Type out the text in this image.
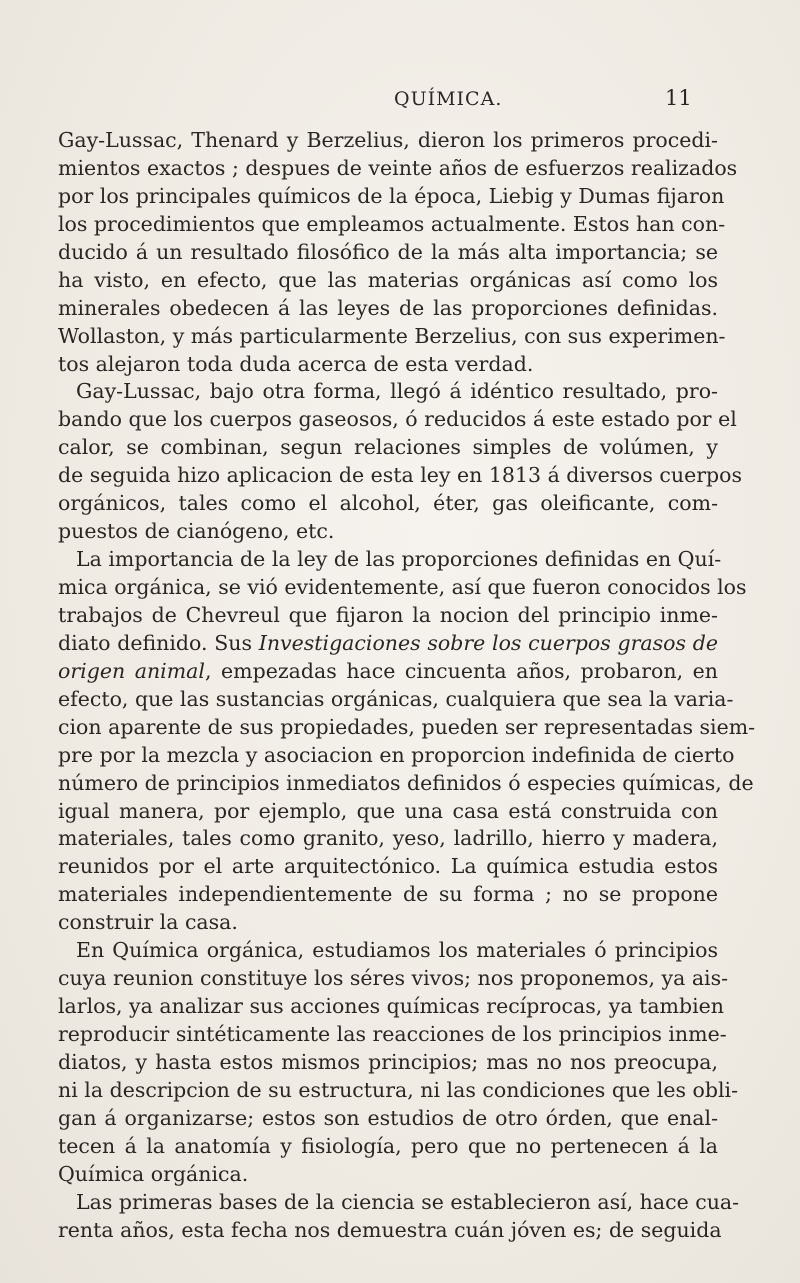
QUÍMICA.	11
Gay-Lussac, Thenard y Berzelius, dieron los primeros procedi-
mientos exactos ; despues de veinte años de esfuerzos realizados
por los principales químicos de la época, Liebig y Dumas fijaron
los procedimientos que empleamos actualmente. Estos han con-
ducido á un resultado filosófico de la más alta importancia; se
ha visto, en efecto, que las materias orgánicas así como los
minerales obedecen á las leyes de las proporciones definidas.
Wollaston, y más particularmente Berzelius, con sus experimen-
tos alejaron toda duda acerca de esta verdad.
Gay-Lussac, bajo otra forma, llegó á idéntico resultado, pro-
bando que los cuerpos gaseosos, ó reducidos á este estado por el
calor, se combinan, segun relaciones simples de volúmen, y
de seguida hizo aplicacion de esta ley en 1813 á diversos cuerpos
orgánicos, tales como el alcohol, éter, gas oleificante, com-
puestos de cianógeno, etc.
La importancia de la ley de las proporciones definidas en Quí-
mica orgánica, se vió evidentemente, así que fueron conocidos los
trabajos de Chevreul que fijaron la nocion del principio inme-
diato definido. Sus Investigaciones sobre los cuerpos grasos de
origen animal, empezadas hace cincuenta años, probaron, en
efecto, que las sustancias orgánicas, cualquiera que sea la varia-
cion aparente de sus propiedades, pueden ser representadas siem-
pre por la mezcla y asociacion en proporcion indefinida de cierto
número de principios inmediatos definidos ó especies químicas, de
igual manera, por ejemplo, que una casa está construida con
materiales, tales como granito, yeso, ladrillo, hierro y madera,
reunidos por el arte arquitectónico. La química estudia estos
materiales independientemente de su forma ; no se propone
construir la casa.
En Química orgánica, estudiamos los materiales ó principios
cuya reunion constituye los séres vivos; nos proponemos, ya ais-
larlos, ya analizar sus acciones químicas recíprocas, ya tambien
reproducir sintéticamente las reacciones de los principios inme-
diatos, y hasta estos mismos principios; mas no nos preocupa,
ni la descripcion de su estructura, ni las condiciones que les obli-
gan á organizarse; estos son estudios de otro órden, que enal-
tecen á la anatomía y fisiología, pero que no pertenecen á la
Química orgánica.
Las primeras bases de la ciencia se establecieron así, hace cua-
renta años, esta fecha nos demuestra cuán jóven es; de seguida
